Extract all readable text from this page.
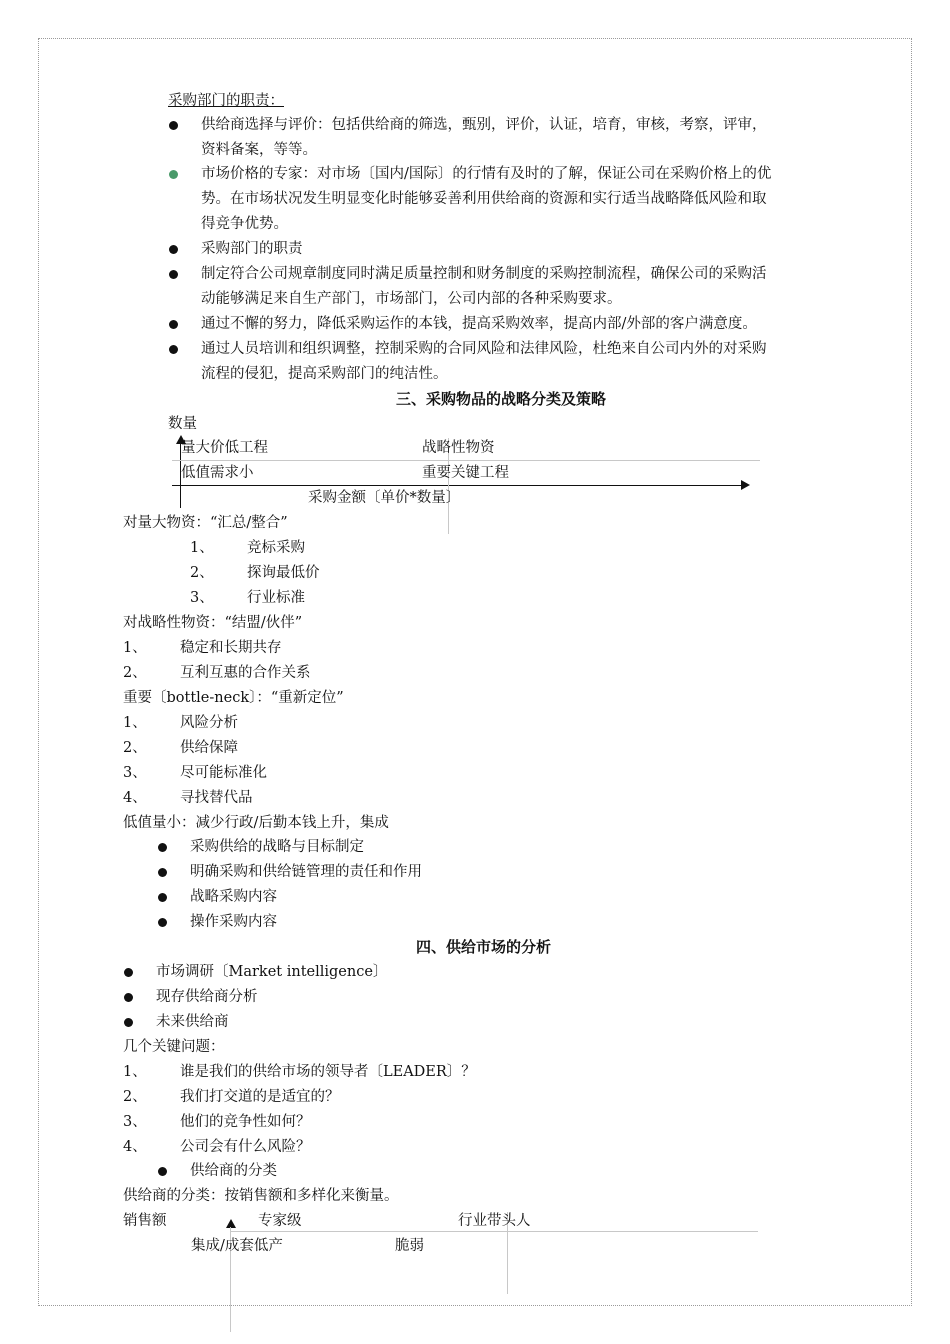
采购部门的职责：
供给商选择与评价：包括供给商的筛选，甄别，评价，认证，培育，审核，考察，评审，
资料备案，等等。
市场价格的专家：对市场〔国内/国际〕的行情有及时的了解，保证公司在采购价格上的优
势。在市场状况发生明显变化时能够妥善利用供给商的资源和实行适当战略降低风险和取
得竞争优势。
采购部门的职责
制定符合公司规章制度同时满足质量控制和财务制度的采购控制流程，确保公司的采购活
动能够满足来自生产部门，市场部门，公司内部的各种采购要求。
通过不懈的努力，降低采购运作的本钱，提高采购效率，提高内部/外部的客户满意度。
通过人员培训和组织调整，控制采购的合同风险和法律风险，杜绝来自公司内外的对采购
流程的侵犯，提高采购部门的纯洁性。
三、采购物品的战略分类及策略
数量
量大价低工程	战略性物资
低值需求小	重要关键工程
采购金额〔单价*数量〕
对量大物资：“汇总/整合”
1、 竞标采购
2、 探询最低价
3、 行业标准
对战略性物资：“结盟/伙伴”
1、 稳定和长期共存
2、 互利互惠的合作关系
重要〔bottle-neck〕：“重新定位”
1、 风险分析
2、 供给保障
3、 尽可能标准化
4、 寻找替代品
低值量小：减少行政/后勤本钱上升，集成
采购供给的战略与目标制定
明确采购和供给链管理的责任和作用
战略采购内容
操作采购内容
四、供给市场的分析
市场调研〔Market intelligence〕
现存供给商分析
未来供给商
几个关键问题：
1、 谁是我们的供给市场的领导者〔LEADER〕？
2、 我们打交道的是适宜的？
3、 他们的竞争性如何？
4、 公司会有什么风险？
供给商的分类
供给商的分类：按销售额和多样化来衡量。
销售额	专家级	行业带头人
集成/成套低产	脆弱
